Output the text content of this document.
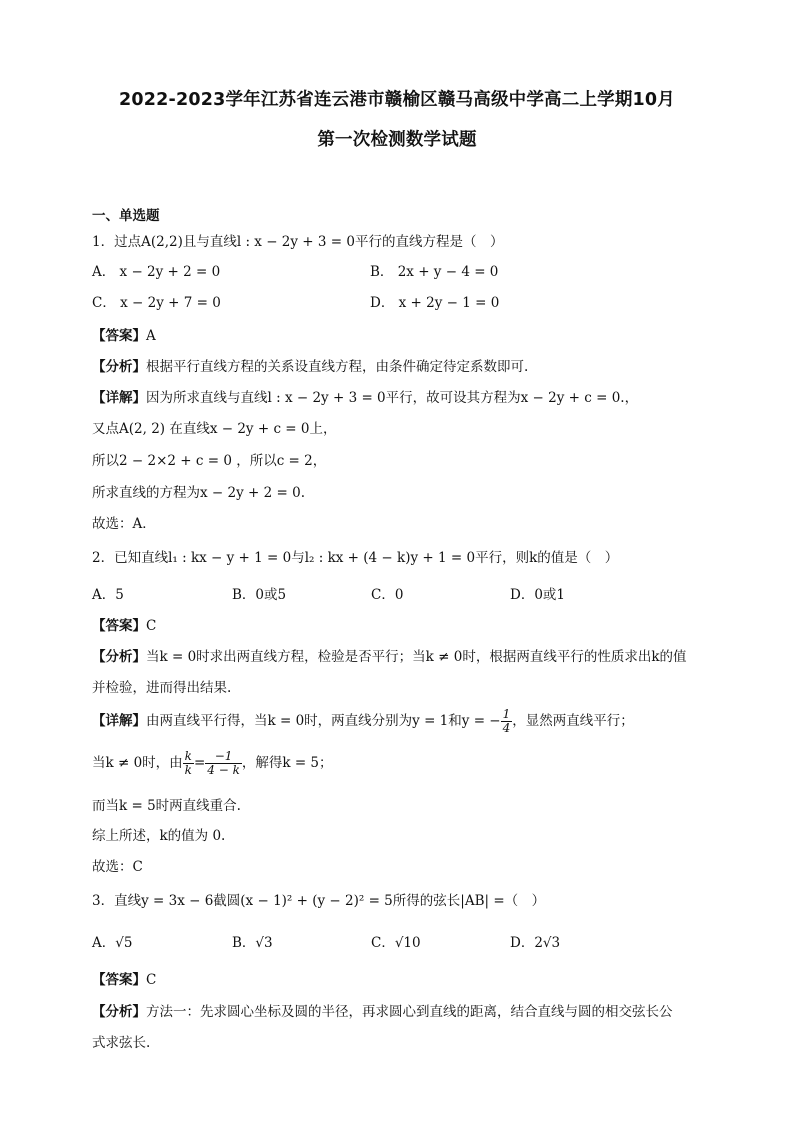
2022-2023学年江苏省连云港市赣榆区赣马高级中学高二上学期10月
第一次检测数学试题
一、单选题
1．过点A(2,2)且与直线l : x − 2y + 3 = 0平行的直线方程是（　）
A． x − 2y + 2 = 0	B． 2x + y − 4 = 0
C． x − 2y + 7 = 0	D． x + 2y − 1 = 0
【答案】A
【分析】根据平行直线方程的关系设直线方程，由条件确定待定系数即可.
【详解】因为所求直线与直线l : x − 2y + 3 = 0平行，故可设其方程为x − 2y + c = 0.，
又点A(2, 2) 在直线x − 2y + c = 0上，
所以2 − 2×2 + c = 0 ，所以c = 2，
所求直线的方程为x − 2y + 2 = 0.
故选：A．
2．已知直线l₁ : kx − y + 1 = 0与l₂ : kx + (4 − k)y + 1 = 0平行，则k的值是（　）
A．5	B．0或5	C．0	D．0或1
【答案】C
【分析】当k = 0时求出两直线方程，检验是否平行；当k ≠ 0时，根据两直线平行的性质求出k的值
并检验，进而得出结果.
【详解】由两直线平行得，当k = 0时，两直线分别为y = 1和y = − $\frac{1}{4}$ ，显然两直线平行；
当k ≠ 0时，由 $\frac{k}{k} = \frac{-1}{4 - k}$ ，解得k = 5；
而当k = 5时两直线重合.
综上所述，k的值为 0.
故选：C
3．直线y = 3x − 6截圆(x − 1)² + (y − 2)² = 5所得的弦长|AB| =（　）
A．√5	B．√3	C．√10	D．2√3
【答案】C
【分析】方法一：先求圆心坐标及圆的半径，再求圆心到直线的距离，结合直线与圆的相交弦长公
式求弦长.
